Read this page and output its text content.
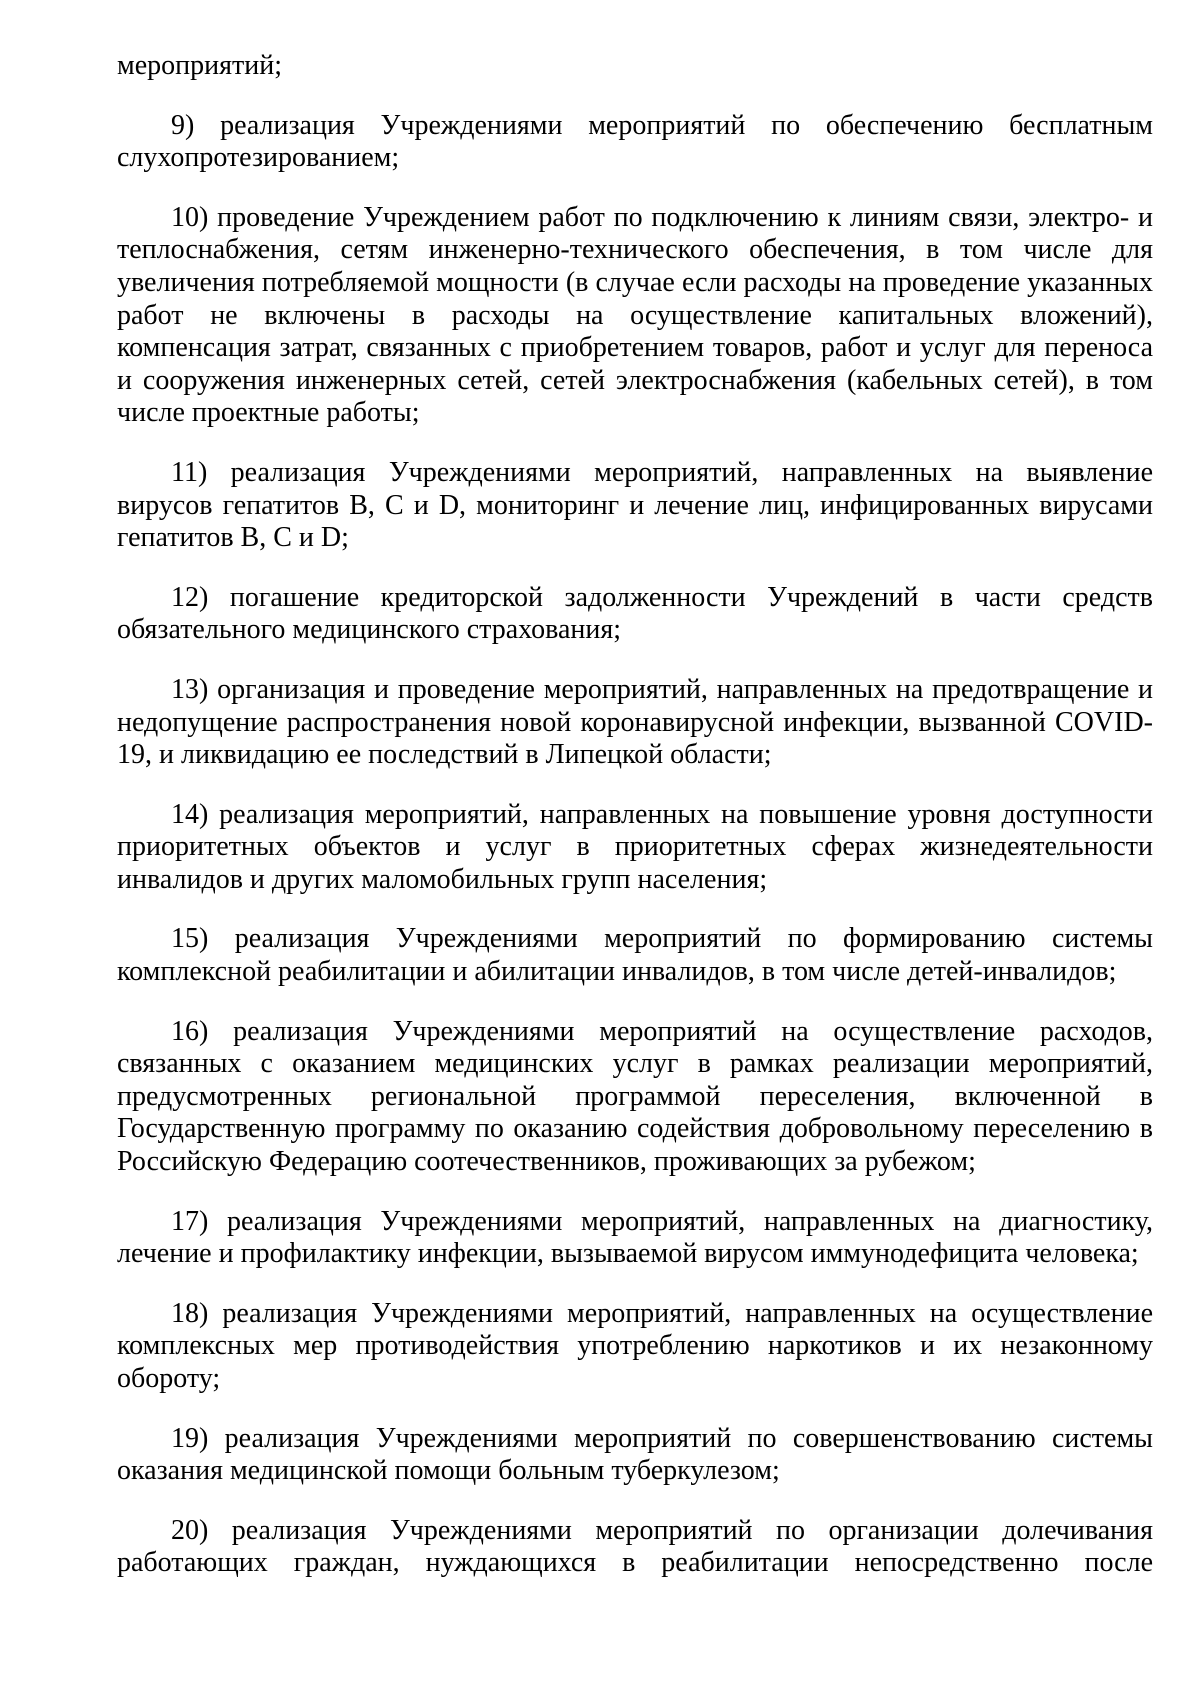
мероприятий;

9) реализация Учреждениями мероприятий по обеспечению бесплатным слухопротезированием;

10) проведение Учреждением работ по подключению к линиям связи, электро- и теплоснабжения, сетям инженерно-технического обеспечения, в том числе для увеличения потребляемой мощности (в случае если расходы на проведение указанных работ не включены в расходы на осуществление капитальных вложений), компенсация затрат, связанных с приобретением товаров, работ и услуг для переноса и сооружения инженерных сетей, сетей электроснабжения (кабельных сетей), в том числе проектные работы;

11) реализация Учреждениями мероприятий, направленных на выявление вирусов гепатитов B, C и D, мониторинг и лечение лиц, инфицированных вирусами гепатитов B, C и D;

12) погашение кредиторской задолженности Учреждений в части средств обязательного медицинского страхования;

13) организация и проведение мероприятий, направленных на предотвращение и недопущение распространения новой коронавирусной инфекции, вызванной COVID-19, и ликвидацию ее последствий в Липецкой области;

14) реализация мероприятий, направленных на повышение уровня доступности приоритетных объектов и услуг в приоритетных сферах жизнедеятельности инвалидов и других маломобильных групп населения;

15) реализация Учреждениями мероприятий по формированию системы комплексной реабилитации и абилитации инвалидов, в том числе детей-инвалидов;

16) реализация Учреждениями мероприятий на осуществление расходов, связанных с оказанием медицинских услуг в рамках реализации мероприятий, предусмотренных региональной программой переселения, включенной в Государственную программу по оказанию содействия добровольному переселению в Российскую Федерацию соотечественников, проживающих за рубежом;

17) реализация Учреждениями мероприятий, направленных на диагностику, лечение и профилактику инфекции, вызываемой вирусом иммунодефицита человека;

18) реализация Учреждениями мероприятий, направленных на осуществление комплексных мер противодействия употреблению наркотиков и их незаконному обороту;

19) реализация Учреждениями мероприятий по совершенствованию системы оказания медицинской помощи больным туберкулезом;

20) реализация Учреждениями мероприятий по организации долечивания работающих граждан, нуждающихся в реабилитации непосредственно после
